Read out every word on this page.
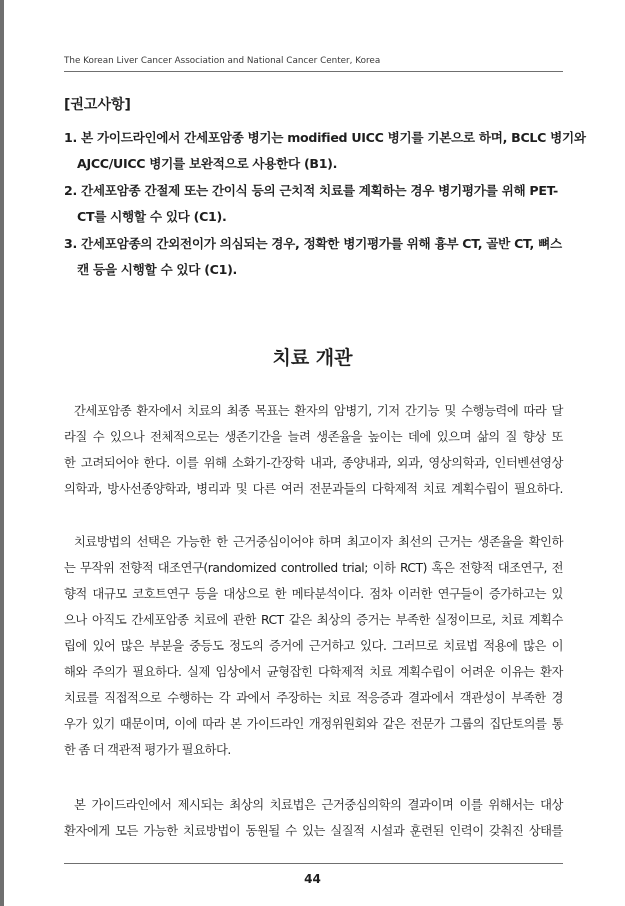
The Korean Liver Cancer Association and National Cancer Center, Korea
[권고사항]
1. 본 가이드라인에서 간세포암종 병기는 modified UICC 병기를 기본으로 하며, BCLC 병기와
AJCC/UICC 병기를 보완적으로 사용한다 (B1).
2. 간세포암종 간절제 또는 간이식 등의 근치적 치료를 계획하는 경우 병기평가를 위해 PET-
CT를 시행할 수 있다 (C1).
3. 간세포암종의 간외전이가 의심되는 경우, 정확한 병기평가를 위해 흉부 CT, 골반 CT, 뼈스
캔 등을 시행할 수 있다 (C1).
치료 개관
간세포암종 환자에서 치료의 최종 목표는 환자의 암병기, 기저 간기능 및 수행능력에 따라 달
라질 수 있으나 전체적으로는 생존기간을 늘려 생존율을 높이는 데에 있으며 삶의 질 향상 또
한 고려되어야 한다. 이를 위해 소화기-간장학 내과, 종양내과, 외과, 영상의학과, 인터벤션영상
의학과, 방사선종양학과, 병리과 및 다른 여러 전문과들의 다학제적 치료 계획수립이 필요하다.
치료방법의 선택은 가능한 한 근거중심이어야 하며 최고이자 최선의 근거는 생존율을 확인하
는 무작위 전향적 대조연구(randomized controlled trial; 이하 RCT) 혹은 전향적 대조연구, 전
향적 대규모 코호트연구 등을 대상으로 한 메타분석이다. 점차 이러한 연구들이 증가하고는 있
으나 아직도 간세포암종 치료에 관한 RCT 같은 최상의 증거는 부족한 실정이므로, 치료 계획수
립에 있어 많은 부분을 중등도 정도의 증거에 근거하고 있다. 그러므로 치료법 적용에 많은 이
해와 주의가 필요하다. 실제 임상에서 균형잡힌 다학제적 치료 계획수립이 어려운 이유는 환자
치료를 직접적으로 수행하는 각 과에서 주장하는 치료 적응증과 결과에서 객관성이 부족한 경
우가 있기 때문이며, 이에 따라 본 가이드라인 개정위원회와 같은 전문가 그룹의 집단토의를 통
한 좀 더 객관적 평가가 필요하다.
본 가이드라인에서 제시되는 최상의 치료법은 근거중심의학의 결과이며 이를 위해서는 대상
환자에게 모든 가능한 치료방법이 동원될 수 있는 실질적 시설과 훈련된 인력이 갖춰진 상태를
44
